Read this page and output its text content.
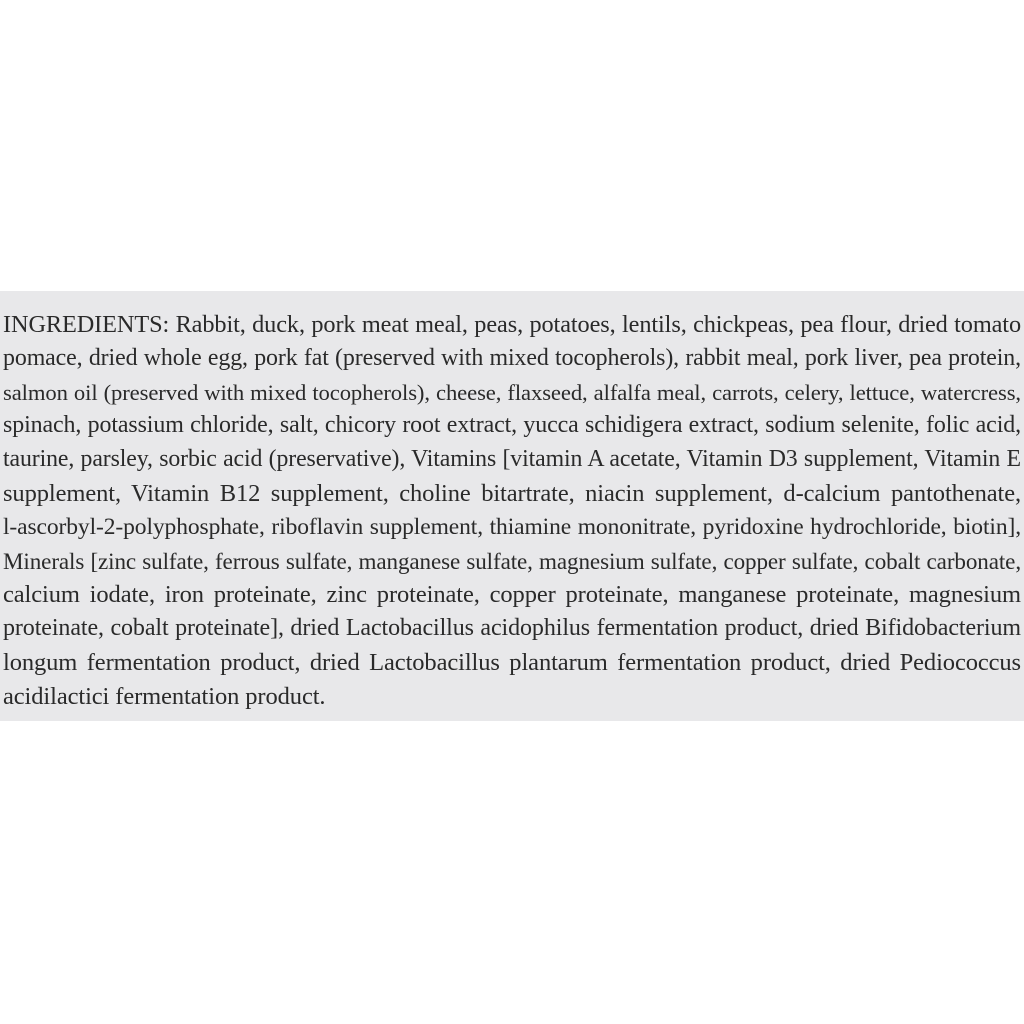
INGREDIENTS: Rabbit, duck, pork meat meal, peas, potatoes, lentils, chickpeas, pea flour, dried tomato
pomace, dried whole egg, pork fat (preserved with mixed tocopherols), rabbit meal, pork liver, pea protein,
salmon oil (preserved with mixed tocopherols), cheese, flaxseed, alfalfa meal, carrots, celery, lettuce, watercress,
spinach, potassium chloride, salt, chicory root extract, yucca schidigera extract, sodium selenite, folic acid,
taurine, parsley, sorbic acid (preservative), Vitamins [vitamin A acetate, Vitamin D3 supplement, Vitamin E
supplement, Vitamin B12 supplement, choline bitartrate, niacin supplement, d-calcium pantothenate,
l-ascorbyl-2-polyphosphate, riboflavin supplement, thiamine mononitrate, pyridoxine hydrochloride, biotin],
Minerals [zinc sulfate, ferrous sulfate, manganese sulfate, magnesium sulfate, copper sulfate, cobalt carbonate,
calcium iodate, iron proteinate, zinc proteinate, copper proteinate, manganese proteinate, magnesium
proteinate, cobalt proteinate], dried Lactobacillus acidophilus fermentation product, dried Bifidobacterium
longum fermentation product, dried Lactobacillus plantarum fermentation product, dried Pediococcus
acidilactici fermentation product.
